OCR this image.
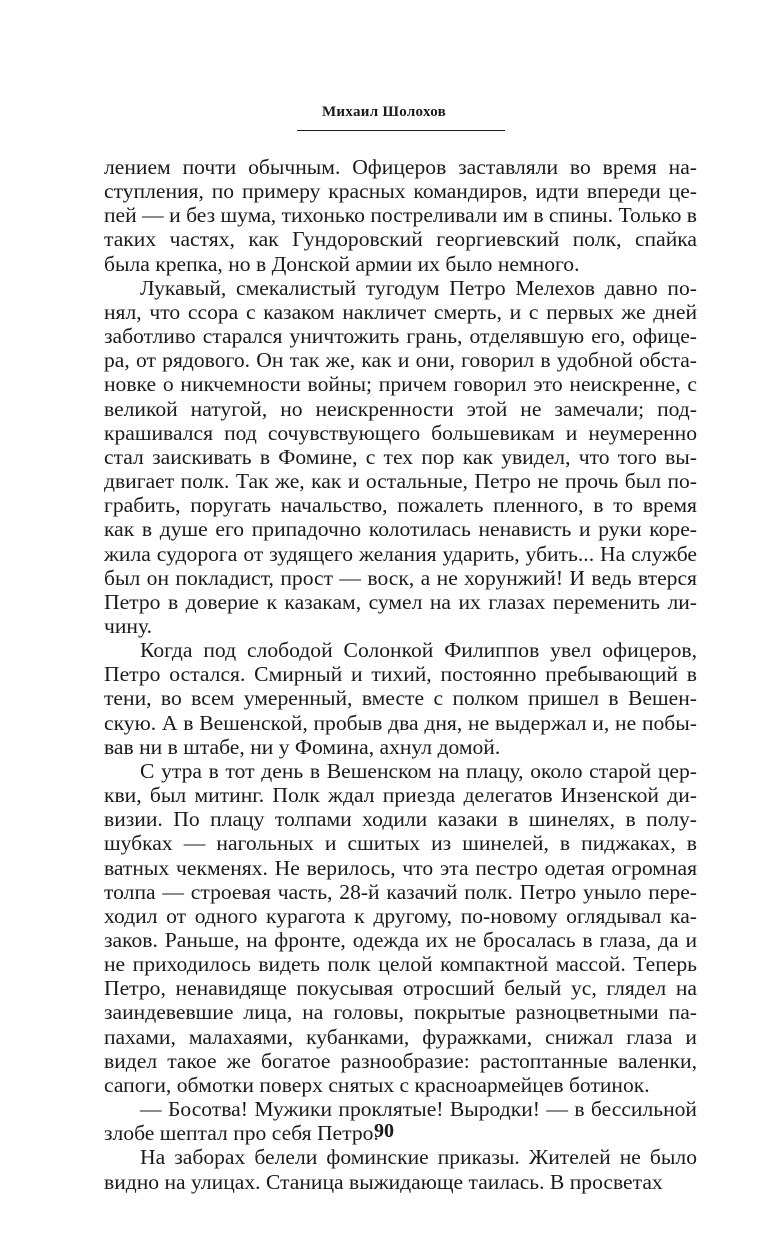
Михаил Шолохов

лением почти обычным. Офицеров заставляли во время наступления, по примеру красных командиров, идти впереди цепей — и без шума, тихонько постреливали им в спины. Только в таких частях, как Гундоровский георгиевский полк, спайка была крепка, но в Донской армии их было немного.

Лукавый, смекалистый тугодум Петро Мелехов давно понял, что ссора с казаком накличет смерть, и с первых же дней заботливо старался уничтожить грань, отделявшую его, офицера, от рядового. Он так же, как и они, говорил в удобной обстановке о никчемности войны; причем говорил это неискренне, с великой натугой, но неискренности этой не замечали; подкрашивался под сочувствующего большевикам и неумеренно стал заискивать в Фомине, с тех пор как увидел, что того выдвигает полк. Так же, как и остальные, Петро не прочь был пограбить, поругать начальство, пожалеть пленного, в то время как в душе его припадочно колотилась ненависть и руки корежила судорога от зудящего желания ударить, убить... На службе был он покладист, прост — воск, а не хорунжий! И ведь втерся Петро в доверие к казакам, сумел на их глазах переменить личину.

Когда под слободой Солонкой Филиппов увел офицеров, Петро остался. Смирный и тихий, постоянно пребывающий в тени, во всем умеренный, вместе с полком пришел в Вешенскую. А в Вешенской, пробыв два дня, не выдержал и, не побывав ни в штабе, ни у Фомина, ахнул домой.

С утра в тот день в Вешенском на плацу, около старой церкви, был митинг. Полк ждал приезда делегатов Инзенской дивизии. По плацу толпами ходили казаки в шинелях, в полушубках — нагольных и сшитых из шинелей, в пиджаках, в ватных чекменях. Не верилось, что эта пестро одетая огромная толпа — строевая часть, 28-й казачий полк. Петро уныло переходил от одного курагота к другому, по-новому оглядывал казаков. Раньше, на фронте, одежда их не бросалась в глаза, да и не приходилось видеть полк целой компактной массой. Теперь Петро, ненавидяще покусывая отросший белый ус, глядел на заиндевевшие лица, на головы, покрытые разноцветными папахами, малахаями, кубанками, фуражками, снижал глаза и видел такое же богатое разнообразие: растоптанные валенки, сапоги, обмотки поверх снятых с красноармейцев ботинок.

— Босотва! Мужики проклятые! Выродки! — в бессильной злобе шептал про себя Петро.

На заборах белели фоминские приказы. Жителей не было видно на улицах. Станица выжидающе таилась. В просветах

90
